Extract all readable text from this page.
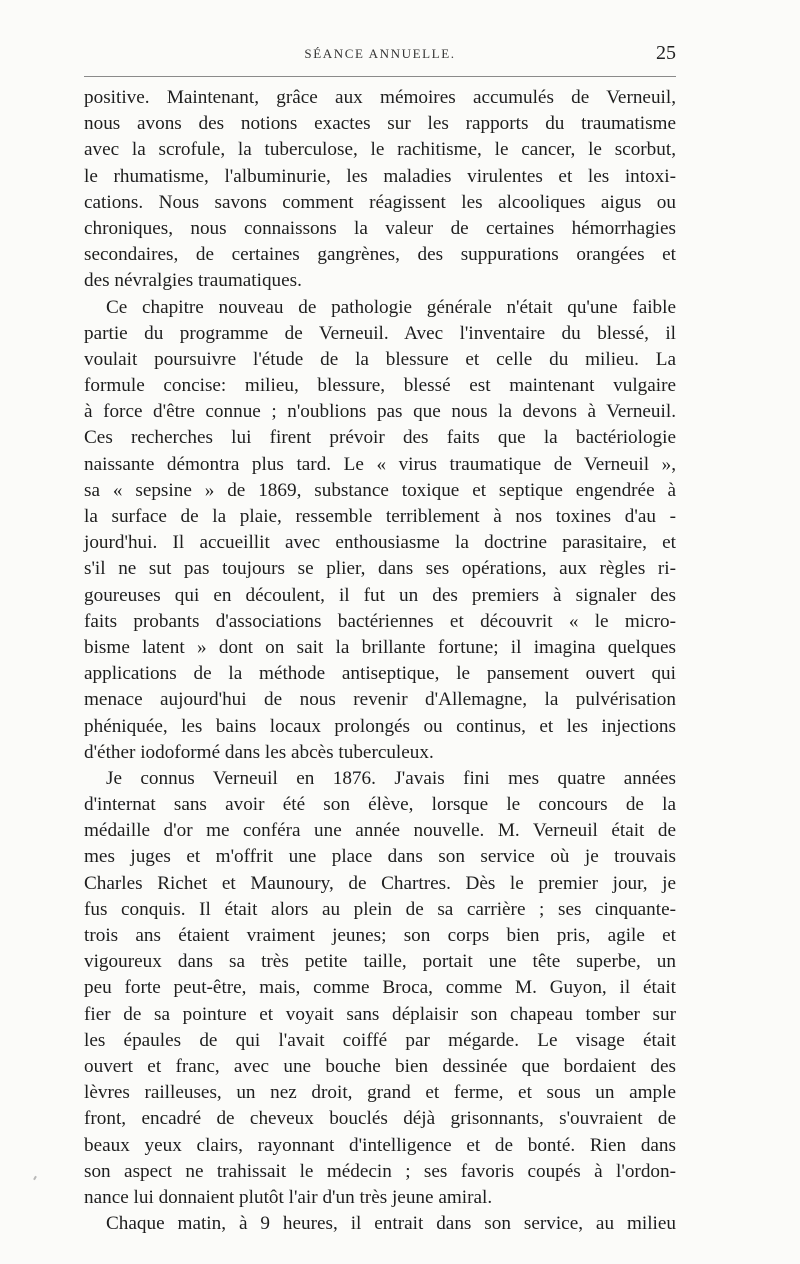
SÉANCE ANNUELLE.	25
positive. Maintenant, grâce aux mémoires accumulés de Verneuil,
nous avons des notions exactes sur les rapports du traumatisme
avec la scrofule, la tuberculose, le rachitisme, le cancer, le scorbut,
le rhumatisme, l'albuminurie, les maladies virulentes et les intoxi-
cations. Nous savons comment réagissent les alcooliques aigus ou
chroniques, nous connaissons la valeur de certaines hémorrhagies
secondaires, de certaines gangrènes, des suppurations orangées et
des névralgies traumatiques.
Ce chapitre nouveau de pathologie générale n'était qu'une faible
partie du programme de Verneuil. Avec l'inventaire du blessé, il
voulait poursuivre l'étude de la blessure et celle du milieu. La
formule concise: milieu, blessure, blessé est maintenant vulgaire
à force d'être connue ; n'oublions pas que nous la devons à Verneuil.
Ces recherches lui firent prévoir des faits que la bactériologie
naissante démontra plus tard. Le « virus traumatique de Verneuil »,
sa « sepsine » de 1869, substance toxique et septique engendrée à
la surface de la plaie, ressemble terriblement à nos toxines d'au -
jourd'hui. Il accueillit avec enthousiasme la doctrine parasitaire, et
s'il ne sut pas toujours se plier, dans ses opérations, aux règles ri-
goureuses qui en découlent, il fut un des premiers à signaler des
faits probants d'associations bactériennes et découvrit « le micro-
bisme latent » dont on sait la brillante fortune; il imagina quelques
applications de la méthode antiseptique, le pansement ouvert qui
menace aujourd'hui de nous revenir d'Allemagne, la pulvérisation
phéniquée, les bains locaux prolongés ou continus, et les injections
d'éther iodoformé dans les abcès tuberculeux.
Je connus Verneuil en 1876. J'avais fini mes quatre années
d'internat sans avoir été son élève, lorsque le concours de la
médaille d'or me conféra une année nouvelle. M. Verneuil était de
mes juges et m'offrit une place dans son service où je trouvais
Charles Richet et Maunoury, de Chartres. Dès le premier jour, je
fus conquis. Il était alors au plein de sa carrière ; ses cinquante-
trois ans étaient vraiment jeunes; son corps bien pris, agile et
vigoureux dans sa très petite taille, portait une tête superbe, un
peu forte peut-être, mais, comme Broca, comme M. Guyon, il était
fier de sa pointure et voyait sans déplaisir son chapeau tomber sur
les épaules de qui l'avait coiffé par mégarde. Le visage était
ouvert et franc, avec une bouche bien dessinée que bordaient des
lèvres railleuses, un nez droit, grand et ferme, et sous un ample
front, encadré de cheveux bouclés déjà grisonnants, s'ouvraient de
beaux yeux clairs, rayonnant d'intelligence et de bonté. Rien dans
son aspect ne trahissait le médecin ; ses favoris coupés à l'ordon-
nance lui donnaient plutôt l'air d'un très jeune amiral.
Chaque matin, à 9 heures, il entrait dans son service, au milieu
